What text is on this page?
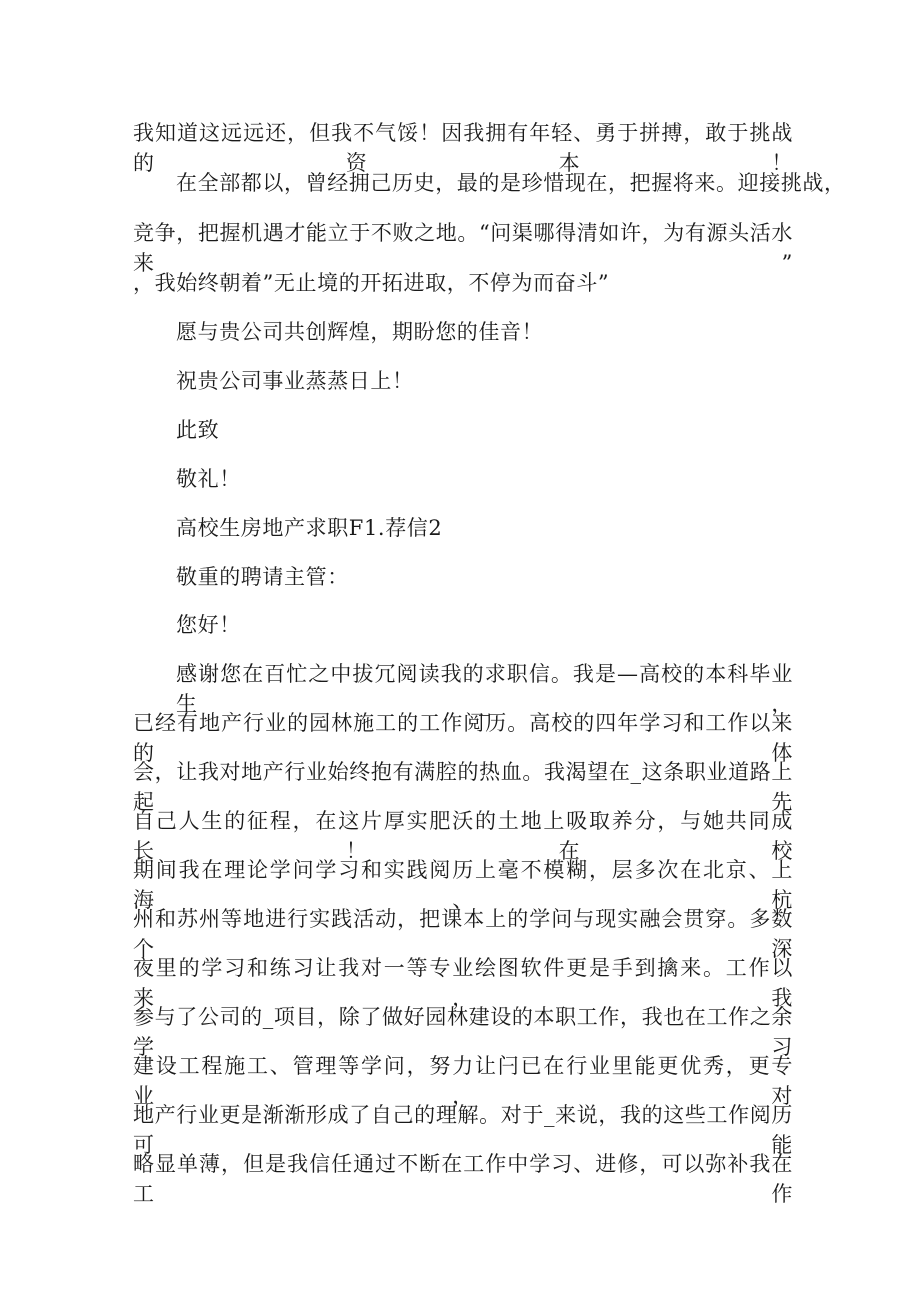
我知道这远远还，但我不气馁！因我拥有年轻、勇于拼搏，敢于挑战的资本！
在全部都以，曾经拥己历史，最的是珍惜现在，把握将来。迎接挑战，
竞争，把握机遇才能立于不败之地。“问渠哪得清如许，为有源头活水来”
，我始终朝着”无止境的开拓进取，不停为而奋斗”
愿与贵公司共创辉煌，期盼您的佳音！
祝贵公司事业蒸蒸日上！
此致
敬礼！
高校生房地产求职F1.荐信2
敬重的聘请主管：
您好！
感谢您在百忙之中拔冗阅读我的求职信。我是—高校的本科毕业生_，
已经有地产行业的园林施工的工作阅历。高校的四年学习和工作以来的体
会，让我对地产行业始终抱有满腔的热血。我渴望在_这条职业道路上起先
自己人生的征程，在这片厚实肥沃的土地上吸取养分，与她共同成长！在校
期间我在理论学问学习和实践阅历上毫不模糊，层多次在北京、上海、杭
州和苏州等地进行实践活动，把课本上的学问与现实融会贯穿。多数个深
夜里的学习和练习让我对一等专业绘图软件更是手到擒来。工作以来，我
参与了公司的_项目，除了做好园林建设的本职工作，我也在工作之余学习
建设工程施工、管理等学问，努力让闩已在行业里能更优秀，更专业，对
地产行业更是渐渐形成了自己的理解。对于_来说，我的这些工作阅历可能
略显单薄，但是我信任通过不断在工作中学习、进修，可以弥补我在工作
